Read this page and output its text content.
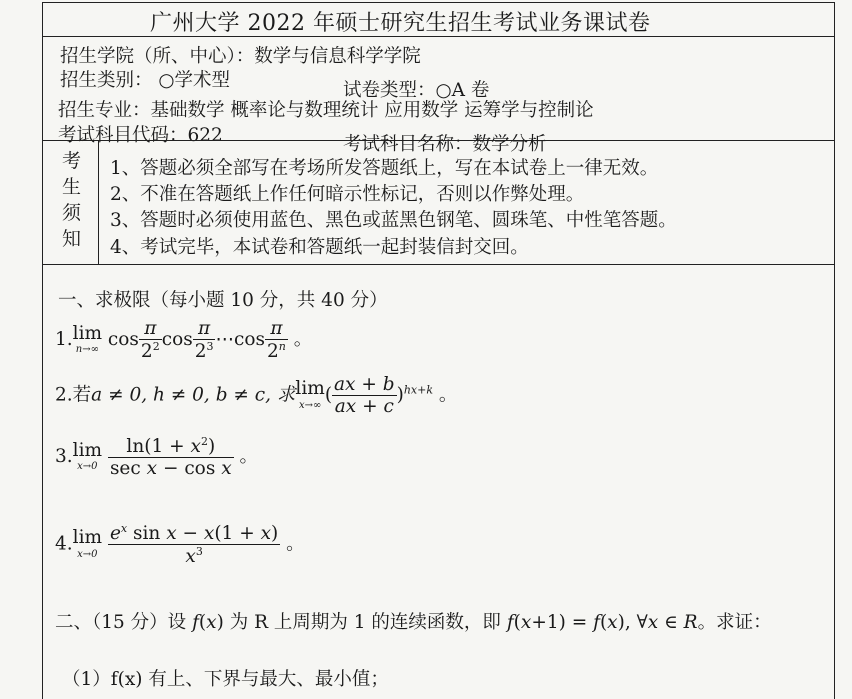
广州大学 2022 年硕士研究生招生考试业务课试卷
招生学院（所、中心）：数学与信息科学学院
招生类别： ○学术型	试卷类型：○A 卷
招生专业：基础数学 概率论与数理统计 应用数学 运筹学与控制论
考试科目代码：622	考试科目名称：数学分析
考
生
须
知
1、答题必须全部写在考场所发答题纸上，写在本试卷上一律无效。
2、不准在答题纸上作任何暗示性标记，否则以作弊处理。
3、答题时必须使用蓝色、黑色或蓝黑色钢笔、圆珠笔、中性笔答题。
4、考试完毕，本试卷和答题纸一起封装信封交回。
一、求极限（每小题 10 分，共 40 分）
1.lim
n→∞ $\cos \frac{\pi}{2^2}$ $\cos \frac{\pi}{2^3}$ ⋯cos $\frac{\pi}{2^n}$ 。
2.若a ≠ 0, h ≠ 0, b ≠ c, 求lim
x→∞ ( $\frac{ax + b}{ax + c} )^{hx+k}$ 。
3.lim
x→0
$\frac{\ln(1 + x^2)}{\text{sec x − cos x}}$ 。
4.lim
x→0
$\frac{e^x \sin x - x(1 + x)}{x^3}$ 。
二、（15 分）设 f(x) 为 R 上周期为 1 的连续函数，即 f(x+1) = f(x), ∀x ∈ R。求证：
（1）f(x) 有上、下界与最大、最小值；
